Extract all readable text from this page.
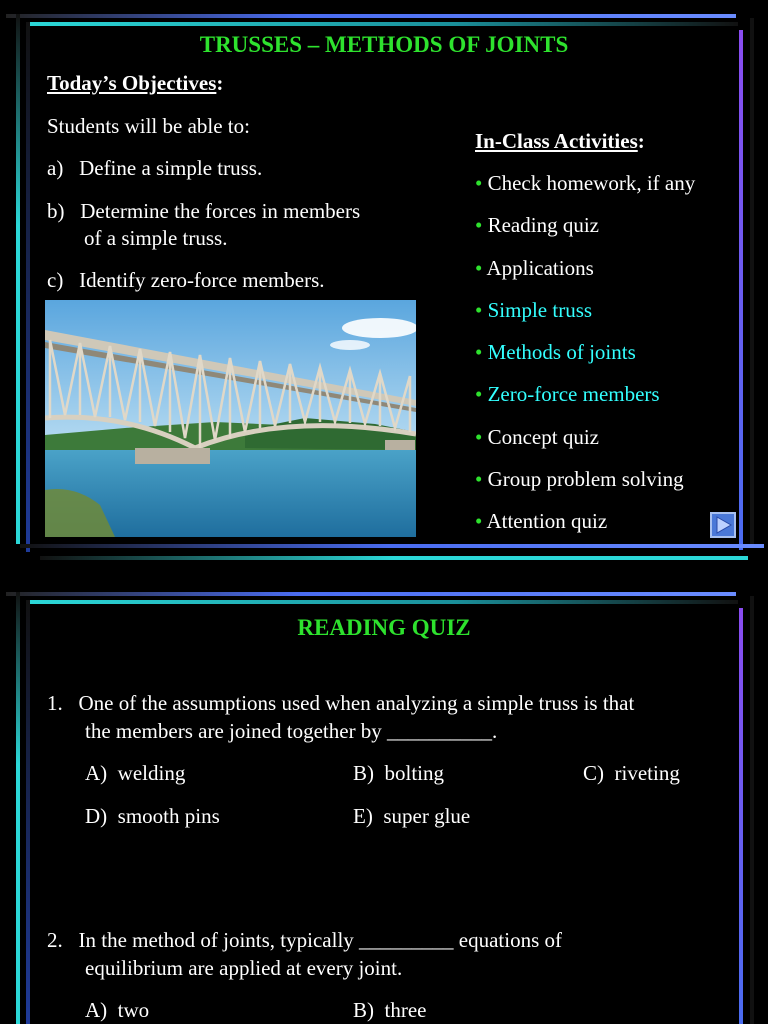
TRUSSES – METHODS OF JOINTS
Today’s Objectives:
Students will be able to:
a) Define a simple truss.
b) Determine the forces in members
of a simple truss.
c) Identify zero-force members.
In-Class Activities:
• Check homework, if any
• Reading quiz
• Applications
• Simple truss
• Methods of joints
• Zero-force members
• Concept quiz
• Group problem solving
• Attention quiz
READING QUIZ
1. One of the assumptions used when analyzing a simple truss is that
the members are joined together by __________.
A) welding	B) bolting	C) riveting
D) smooth pins	E) super glue
2. In the method of joints, typically _________ equations of
equilibrium are applied at every joint.
A) two	B) three
